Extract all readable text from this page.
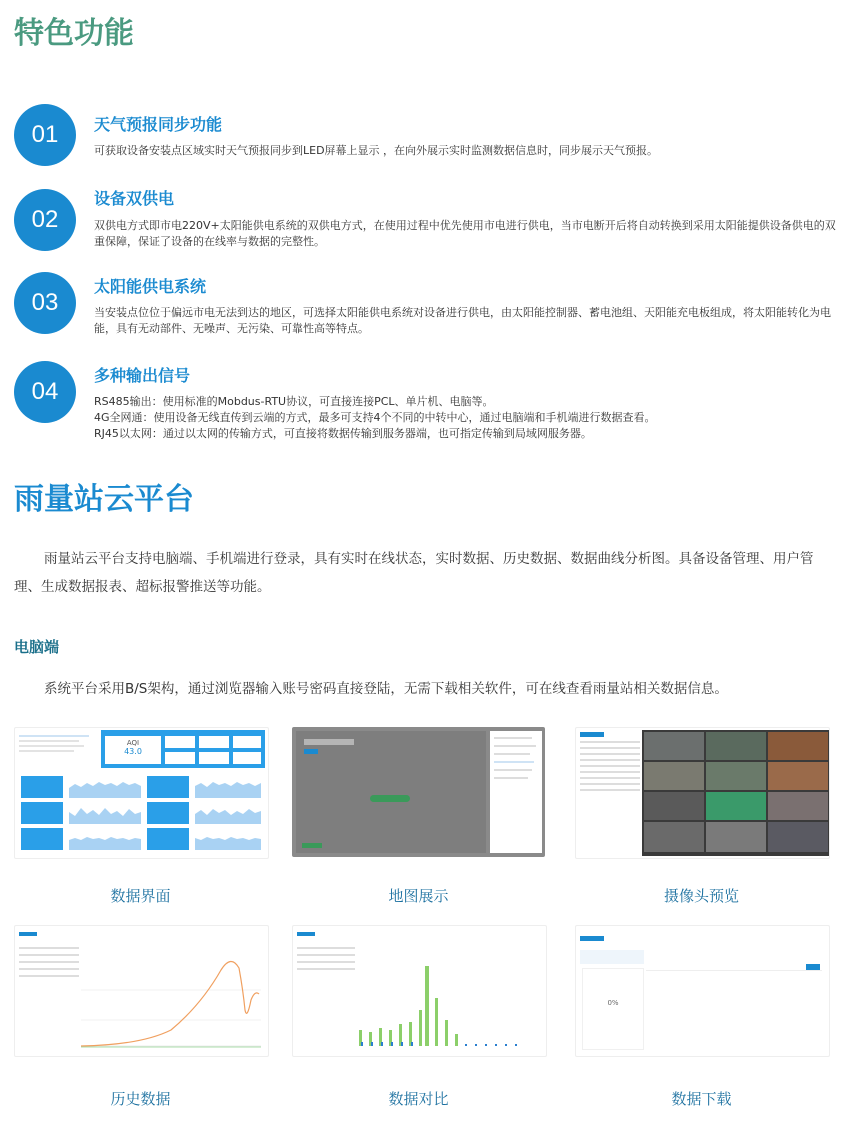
特色功能
01	天气预报同步功能
可获取设备安装点区域实时天气预报同步到LED屏幕上显示 ，在向外展示实时监测数据信息时，同步展示天气预报。
02
设备双供电
双供电方式即市电220V+太阳能供电系统的双供电方式，在使用过程中优先使用市电进行供电，当市电断开后将自动转换到采用太阳能提供设备供电的双重保障，保证了设备的在线率与数据的完整性。
03
太阳能供电系统
当安装点位位于偏远市电无法到达的地区，可选择太阳能供电系统对设备进行供电，由太阳能控制器、蓄电池组、天阳能充电板组成，将太阳能转化为电能，具有无动部件、无噪声、无污染、可靠性高等特点。
04
多种输出信号
RS485输出：使用标准的Mobdus-RTU协议，可直接连接PCL、单片机、电脑等。
4G全网通：使用设备无线直传到云端的方式，最多可支持4个不同的中转中心，通过电脑端和手机端进行数据查看。
RJ45以太网：通过以太网的传输方式，可直接将数据传输到服务器端，也可指定传输到局域网服务器。
雨量站云平台
雨量站云平台支持电脑端、手机端进行登录，具有实时在线状态，实时数据、历史数据、数据曲线分析图。具备设备管理、用户管理、生成数据报表、超标报警推送等功能。
电脑端
系统平台采用B/S架构，通过浏览器输入账号密码直接登陆，无需下载相关软件，可在线查看雨量站相关数据信息。
AQI
43.0
数据界面	地图展示	摄像头预览
历史数据	数据对比
0%
数据下载
